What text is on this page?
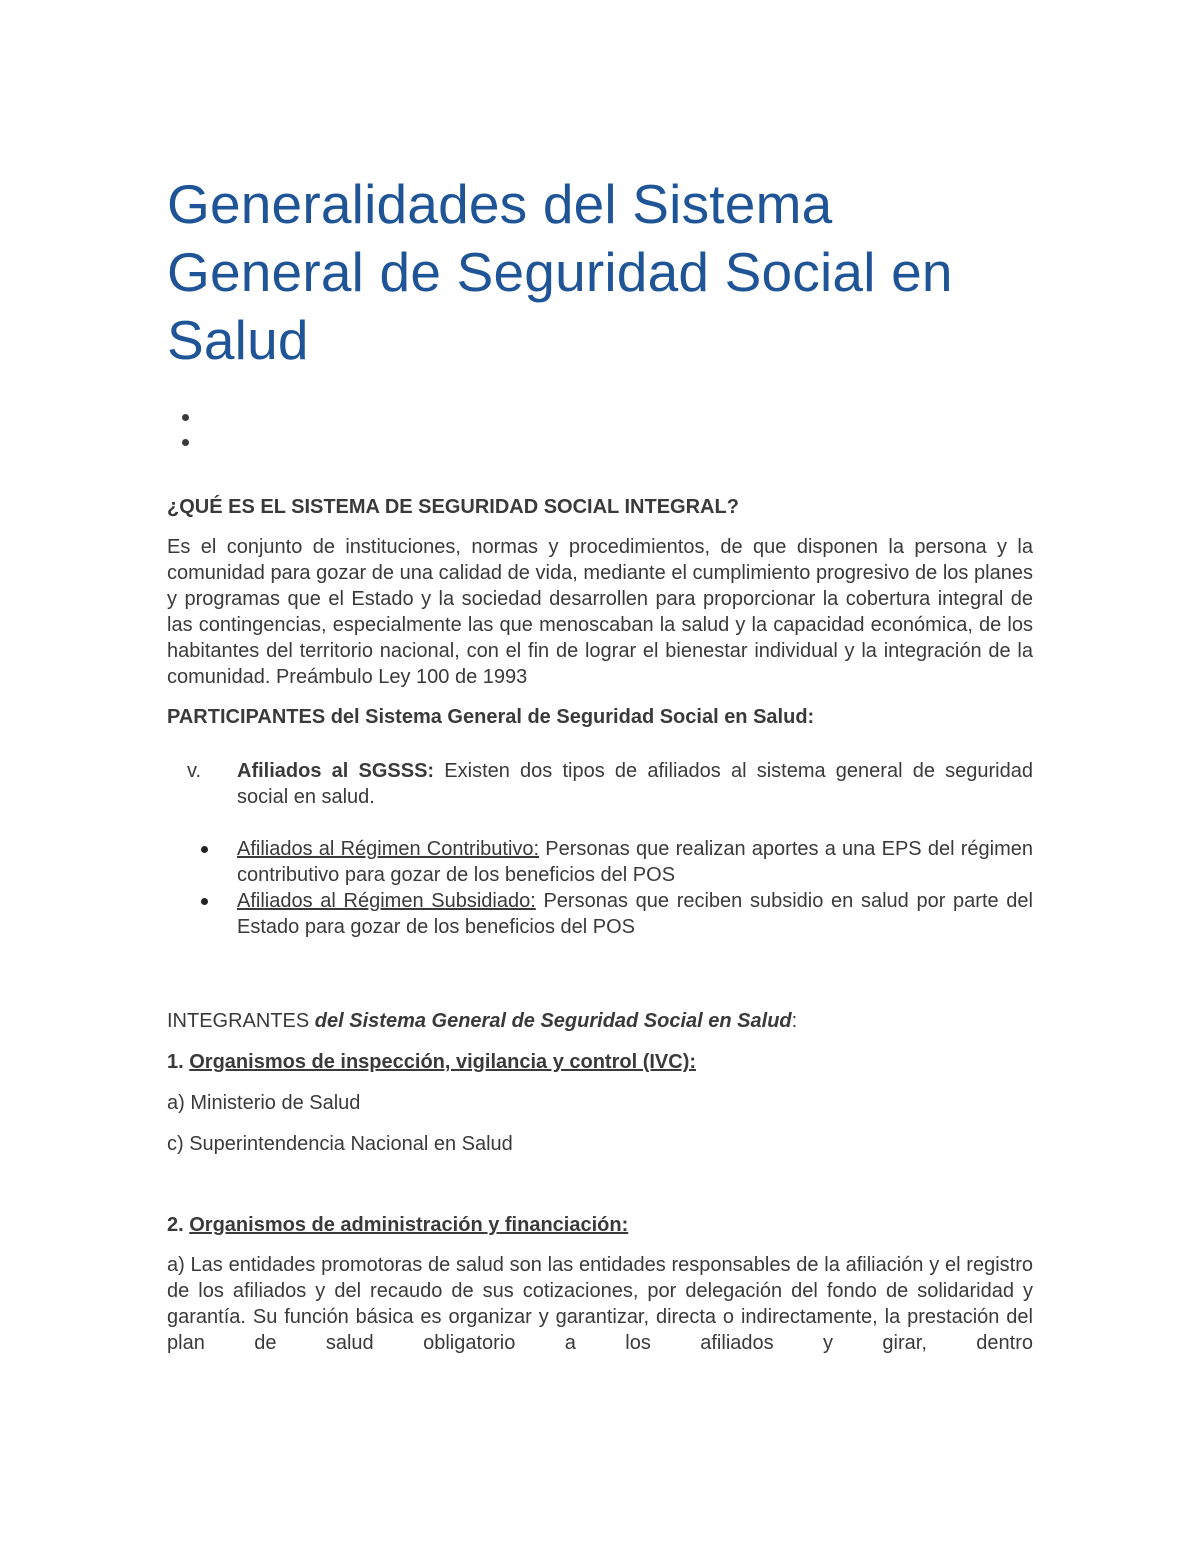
Generalidades del Sistema General de Seguridad Social en Salud

¿QUÉ ES EL SISTEMA DE SEGURIDAD SOCIAL INTEGRAL?

Es el conjunto de instituciones, normas y procedimientos, de que disponen la persona y la comunidad para gozar de una calidad de vida, mediante el cumplimiento progresivo de los planes y programas que el Estado y la sociedad desarrollen para proporcionar la cobertura integral de las contingencias, especialmente las que menoscaban la salud y la capacidad económica, de los habitantes del territorio nacional, con el fin de lograr el bienestar individual y la integración de la comunidad. Preámbulo Ley 100 de 1993

PARTICIPANTES del Sistema General de Seguridad Social en Salud:

v. Afiliados al SGSSS: Existen dos tipos de afiliados al sistema general de seguridad social en salud.
Afiliados al Régimen Contributivo: Personas que realizan aportes a una EPS del régimen contributivo para gozar de los beneficios del POS
Afiliados al Régimen Subsidiado: Personas que reciben subsidio en salud por parte del Estado para gozar de los beneficios del POS

INTEGRANTES del Sistema General de Seguridad Social en Salud:

1. Organismos de inspección, vigilancia y control (IVC):

a) Ministerio de Salud

c) Superintendencia Nacional en Salud

2. Organismos de administración y financiación:

a) Las entidades promotoras de salud son las entidades responsables de la afiliación y el registro de los afiliados y del recaudo de sus cotizaciones, por delegación del fondo de solidaridad y garantía. Su función básica es organizar y garantizar, directa o indirectamente, la prestación del plan de salud obligatorio a los afiliados y girar, dentro
